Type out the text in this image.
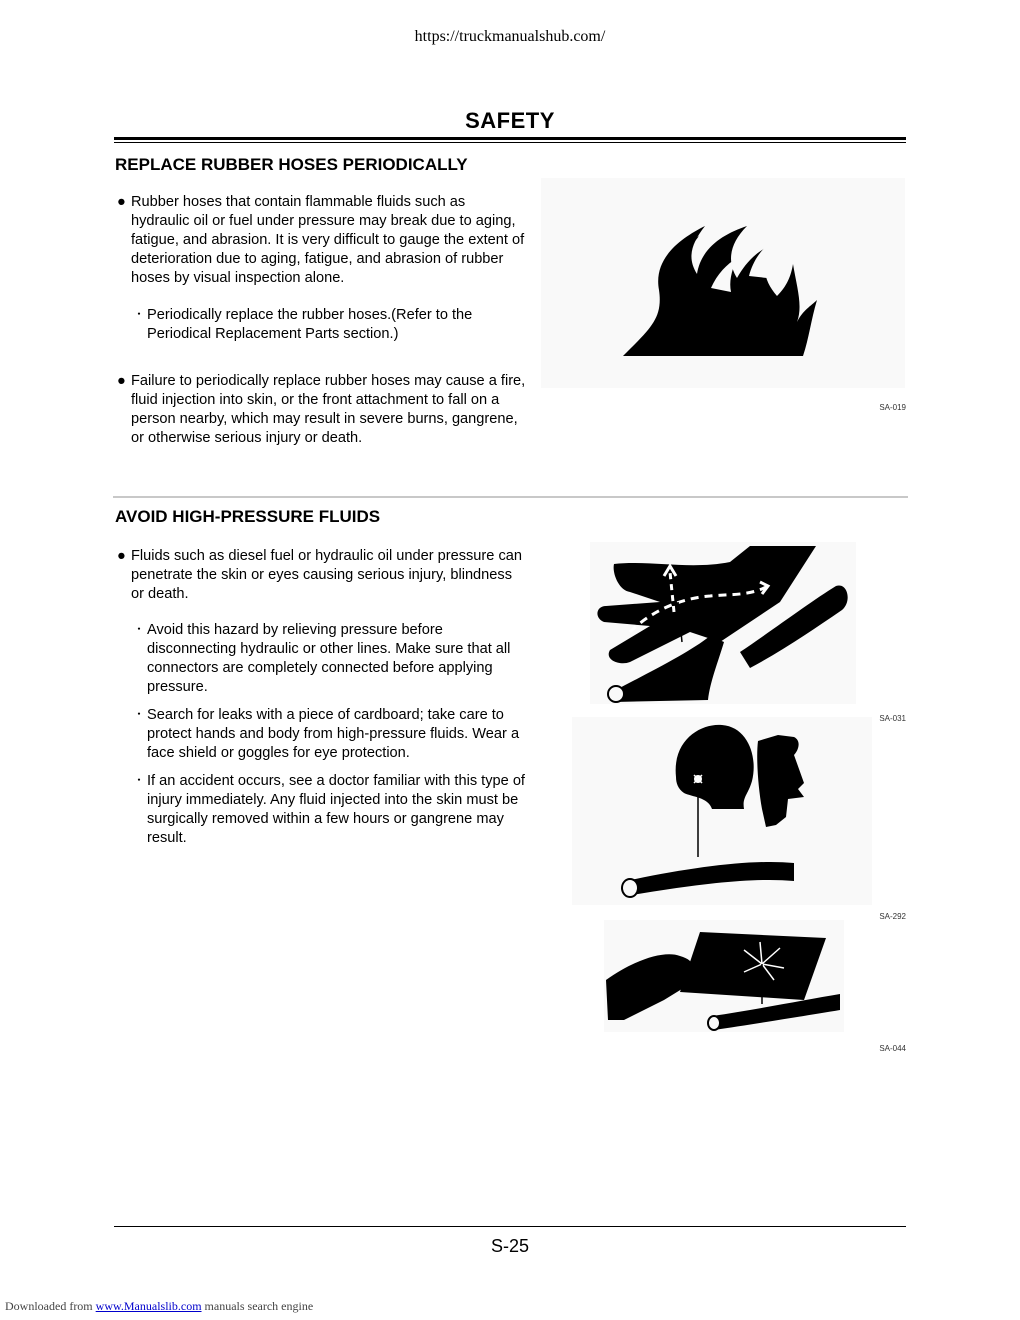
https://truckmanualshub.com/
SAFETY
REPLACE RUBBER HOSES PERIODICALLY
● Rubber hoses that contain flammable fluids such as hydraulic oil or fuel under pressure may break due to aging, fatigue, and abrasion. It is very difficult to gauge the extent of deterioration due to aging, fatigue, and abrasion of rubber hoses by visual inspection alone.
・ Periodically replace the rubber hoses.(Refer to the Periodical Replacement Parts section.)
● Failure to periodically replace rubber hoses may cause a fire, fluid injection into skin, or the front attachment to fall on a person nearby, which may result in severe burns, gangrene, or otherwise serious injury or death.
SA-019
AVOID HIGH-PRESSURE FLUIDS
● Fluids such as diesel fuel or hydraulic oil under pressure can penetrate the skin or eyes causing serious injury, blindness or death.
・ Avoid this hazard by relieving pressure before disconnecting hydraulic or other lines. Make sure that all connectors are completely connected before applying pressure.
・ Search for leaks with a piece of cardboard; take care to protect hands and body from high-pressure fluids. Wear a face shield or goggles for eye protection.
・ If an accident occurs, see a doctor familiar with this type of injury immediately. Any fluid injected into the skin must be surgically removed within a few hours or gangrene may result.
SA-031
SA-292
SA-044
S-25
Downloaded from www.Manualslib.com manuals search engine
